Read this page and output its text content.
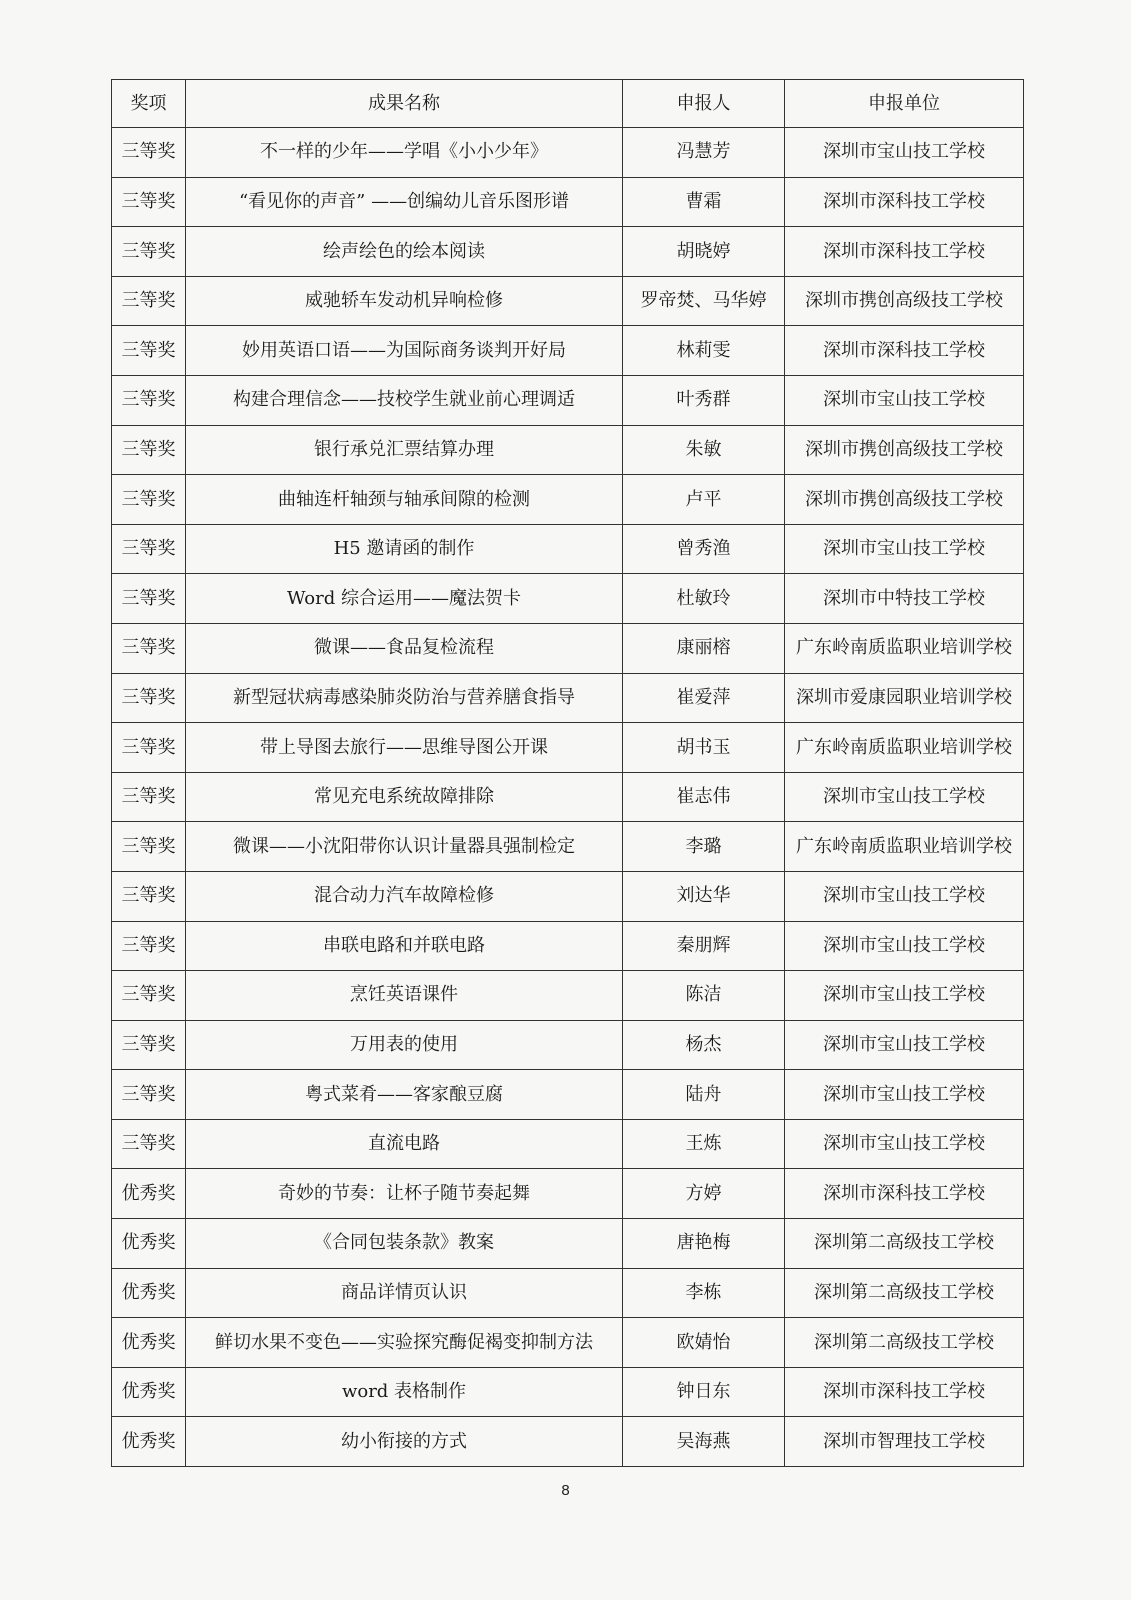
奖项	成果名称	申报人	申报单位
三等奖	不一样的少年——学唱《小小少年》	冯慧芳	深圳市宝山技工学校
三等奖	“看见你的声音” ——创编幼儿音乐图形谱	曹霜	深圳市深科技工学校
三等奖	绘声绘色的绘本阅读	胡晓婷	深圳市深科技工学校
三等奖	威驰轿车发动机异响检修	罗帝焚、马华婷	深圳市携创高级技工学校
三等奖	妙用英语口语——为国际商务谈判开好局	林莉雯	深圳市深科技工学校
三等奖	构建合理信念——技校学生就业前心理调适	叶秀群	深圳市宝山技工学校
三等奖	银行承兑汇票结算办理	朱敏	深圳市携创高级技工学校
三等奖	曲轴连杆轴颈与轴承间隙的检测	卢平	深圳市携创高级技工学校
三等奖	H5 邀请函的制作	曾秀渔	深圳市宝山技工学校
三等奖	Word 综合运用——魔法贺卡	杜敏玲	深圳市中特技工学校
三等奖	微课——食品复检流程	康丽榕	广东岭南质监职业培训学校
三等奖	新型冠状病毒感染肺炎防治与营养膳食指导	崔爱萍	深圳市爱康园职业培训学校
三等奖	带上导图去旅行——思维导图公开课	胡书玉	广东岭南质监职业培训学校
三等奖	常见充电系统故障排除	崔志伟	深圳市宝山技工学校
三等奖	微课——小沈阳带你认识计量器具强制检定	李璐	广东岭南质监职业培训学校
三等奖	混合动力汽车故障检修	刘达华	深圳市宝山技工学校
三等奖	串联电路和并联电路	秦朋辉	深圳市宝山技工学校
三等奖	烹饪英语课件	陈洁	深圳市宝山技工学校
三等奖	万用表的使用	杨杰	深圳市宝山技工学校
三等奖	粤式菜肴——客家酿豆腐	陆舟	深圳市宝山技工学校
三等奖	直流电路	王炼	深圳市宝山技工学校
优秀奖	奇妙的节奏：让杯子随节奏起舞	方婷	深圳市深科技工学校
优秀奖	《合同包装条款》教案	唐艳梅	深圳第二高级技工学校
优秀奖	商品详情页认识	李栋	深圳第二高级技工学校
优秀奖	鲜切水果不变色——实验探究酶促褐变抑制方法	欧婧怡	深圳第二高级技工学校
优秀奖	word 表格制作	钟日东	深圳市深科技工学校
优秀奖	幼小衔接的方式	吴海燕	深圳市智理技工学校
8
